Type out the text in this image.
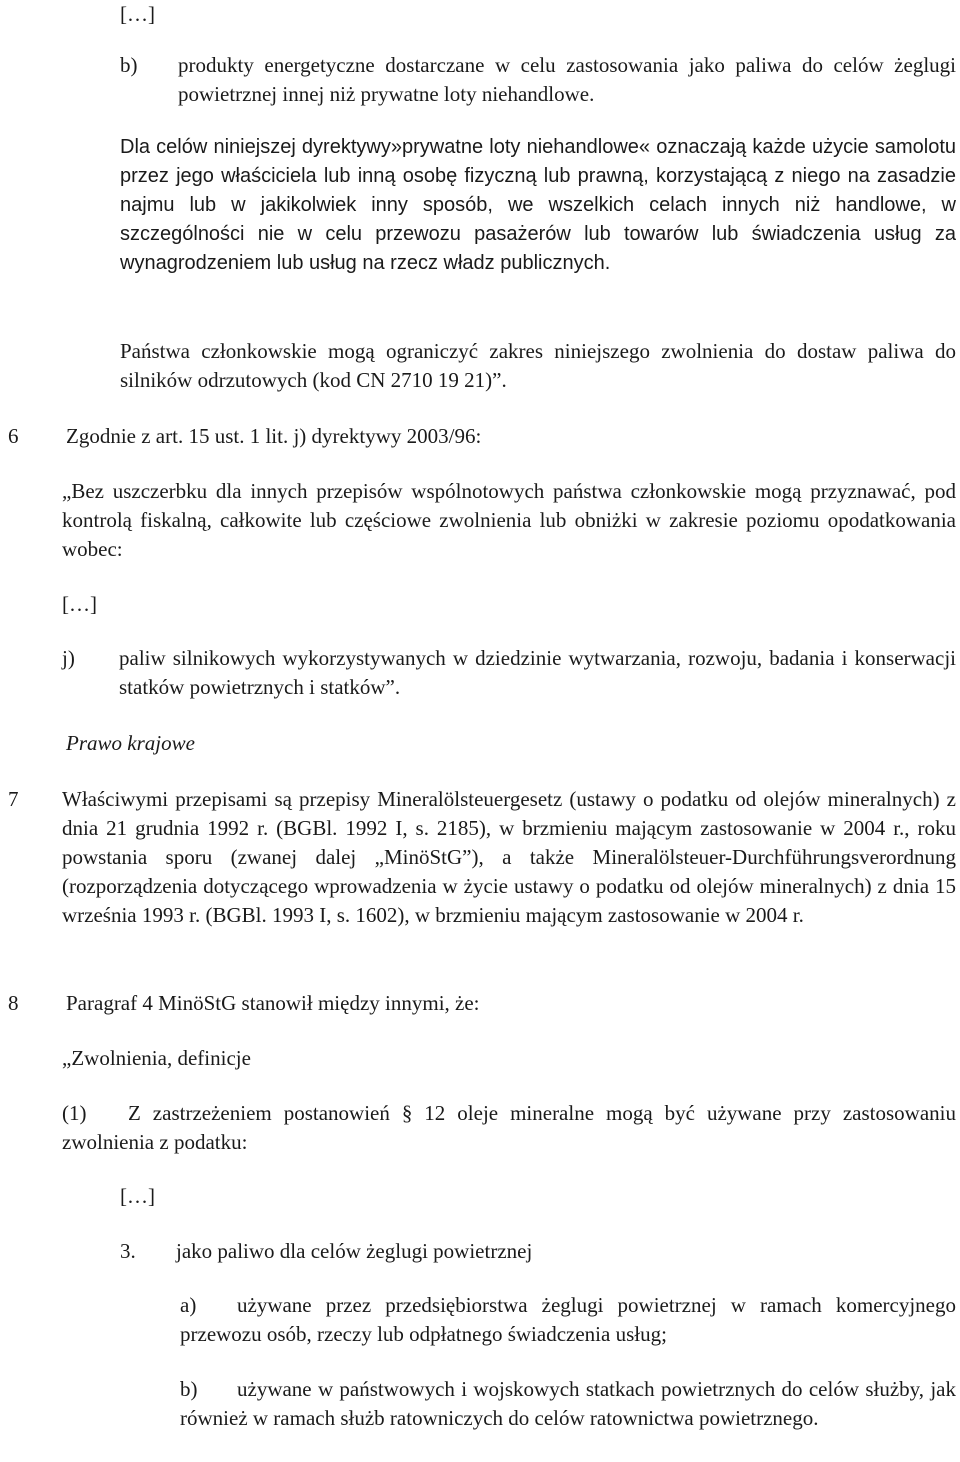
[…]

b) produkty energetyczne dostarczane w celu zastosowania jako paliwa do celów żeglugi powietrznej innej niż prywatne loty niehandlowe.

Dla celów niniejszej dyrektywy»prywatne loty niehandlowe« oznaczają każde użycie samolotu przez jego właściciela lub inną osobę fizyczną lub prawną, korzystającą z niego na zasadzie najmu lub w jakikolwiek inny sposób, we wszelkich celach innych niż handlowe, w szczególności nie w celu przewozu pasażerów lub towarów lub świadczenia usług za wynagrodzeniem lub usług na rzecz władz publicznych.

Państwa członkowskie mogą ograniczyć zakres niniejszego zwolnienia do dostaw paliwa do silników odrzutowych (kod CN 2710 19 21)”.

6 Zgodnie z art. 15 ust. 1 lit. j) dyrektywy 2003/96:

„Bez uszczerbku dla innych przepisów wspólnotowych państwa członkowskie mogą przyznawać, pod kontrolą fiskalną, całkowite lub częściowe zwolnienia lub obniżki w zakresie poziomu opodatkowania wobec:

[…]

j) paliw silnikowych wykorzystywanych w dziedzinie wytwarzania, rozwoju, badania i konserwacji statków powietrznych i statków”.

Prawo krajowe

7 Właściwymi przepisami są przepisy Mineralölsteuergesetz (ustawy o podatku od olejów mineralnych) z dnia 21 grudnia 1992 r. (BGBl. 1992 I, s. 2185), w brzmieniu mającym zastosowanie w 2004 r., roku powstania sporu (zwanej dalej „MinöStG”), a także Mineralölsteuer-Durchführungsverordnung (rozporządzenia dotyczącego wprowadzenia w życie ustawy o podatku od olejów mineralnych) z dnia 15 września 1993 r. (BGBl. 1993 I, s. 1602), w brzmieniu mającym zastosowanie w 2004 r.

8 Paragraf 4 MinöStG stanowił między innymi, że:

„Zwolnienia, definicje

(1)	Z zastrzeżeniem postanowień § 12 oleje mineralne mogą być używane przy zastosowaniu zwolnienia z podatku:

[…]

3. jako paliwo dla celów żeglugi powietrznej

a)	używane przez przedsiębiorstwa żeglugi powietrznej w ramach komercyjnego przewozu osób, rzeczy lub odpłatnego świadczenia usług;

b)	używane w państwowych i wojskowych statkach powietrznych do celów służby, jak również w ramach służb ratowniczych do celów ratownictwa powietrznego.
